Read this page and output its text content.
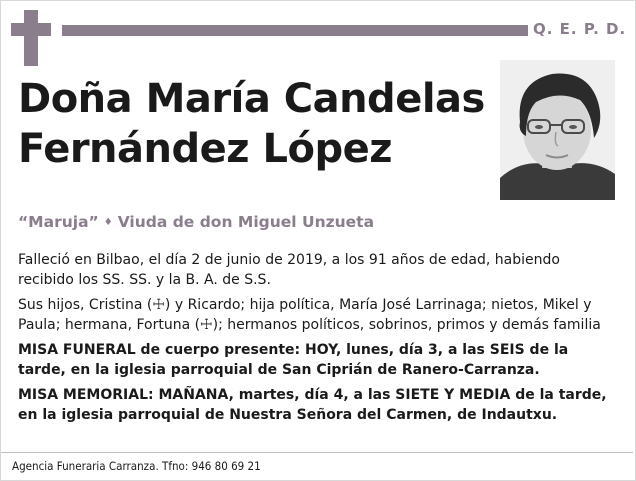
Q. E. P. D.
Doña María Candelas
Fernández López
“Maruja” ♦ Viuda de don Miguel Unzueta

Falleció en Bilbao, el día 2 de junio de 2019, a los 91 años de edad, habiendo recibido los SS. SS. y la B. A. de S.S.

Sus hijos, Cristina (☩) y Ricardo; hija política, María José Larrinaga; nietos, Mikel y Paula; hermana, Fortuna (☩); hermanos políticos, sobrinos, primos y demás familia

MISA FUNERAL de cuerpo presente: HOY, lunes, día 3, a las SEIS de la tarde, en la iglesia parroquial de San Ciprián de Ranero-Carranza.

MISA MEMORIAL: MAÑANA, martes, día 4, a las SIETE Y MEDIA de la tarde, en la iglesia parroquial de Nuestra Señora del Carmen, de Indautxu.

Agencia Funeraria Carranza. Tfno: 946 80 69 21
